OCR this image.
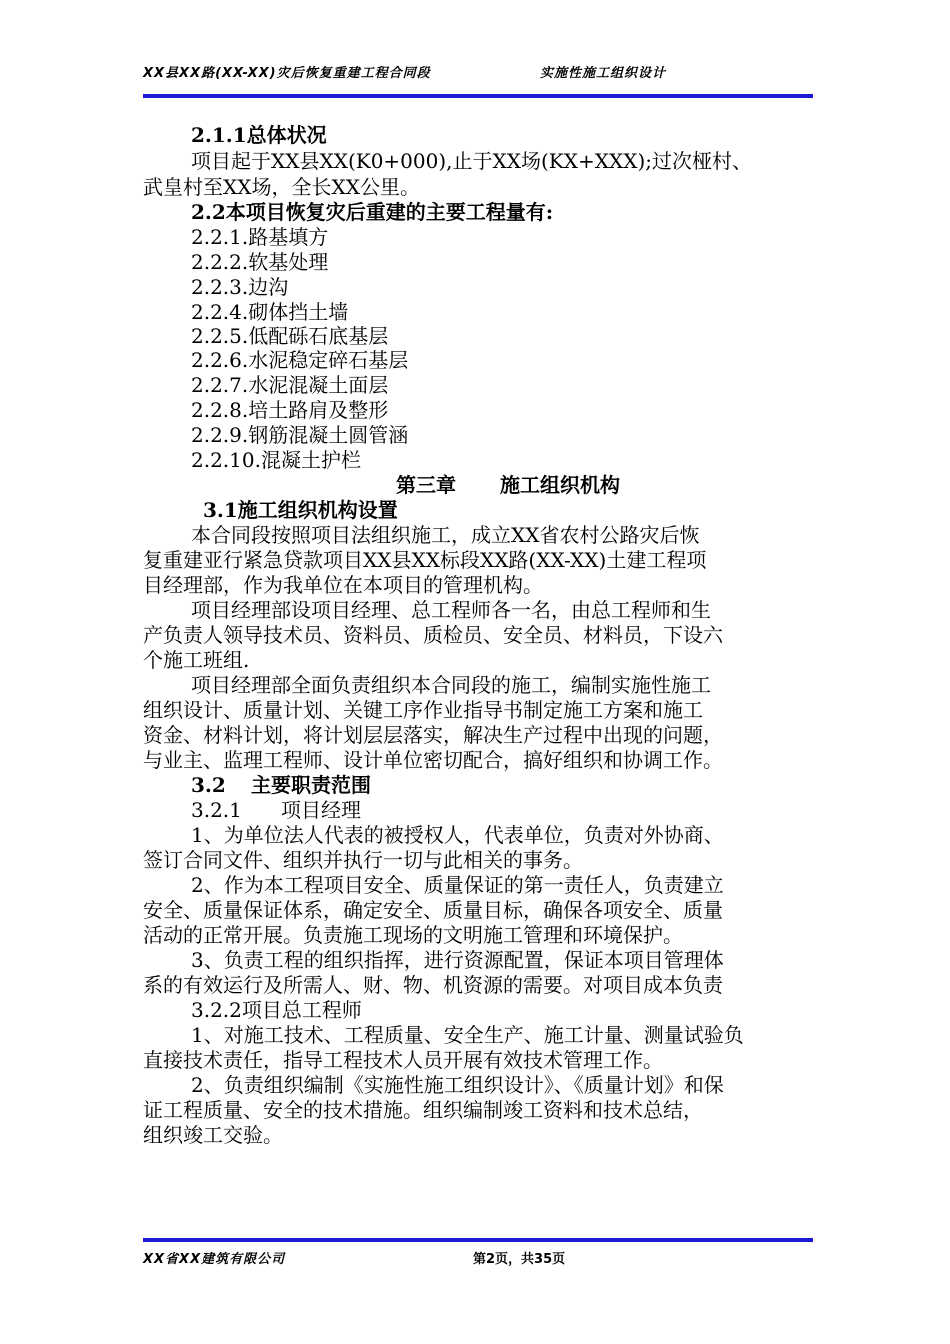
XX县XX路(XX-XX)灾后恢复重建工程合同段	实施性施工组织设计
2.1.1总体状况
项目起于XX县XX(K0+000),止于XX场(KX+XXX);过次桠村、
武皇村至XX场，全长XX公里。
2.2本项目恢复灾后重建的主要工程量有:
2.2.1.路基填方
2.2.2.软基处理
2.2.3.边沟
2.2.4.砌体挡土墙
2.2.5.低配砾石底基层
2.2.6.水泥稳定碎石基层
2.2.7.水泥混凝土面层
2.2.8.培土路肩及整形
2.2.9.钢筋混凝土圆管涵
2.2.10.混凝土护栏
第三章 施工组织机构
3.1施工组织机构设置
本合同段按照项目法组织施工，成立XX省农村公路灾后恢
复重建亚行紧急贷款项目XX县XX标段XX路(XX-XX)土建工程项
目经理部，作为我单位在本项目的管理机构。
项目经理部设项目经理、总工程师各一名，由总工程师和生
产负责人领导技术员、资料员、质检员、安全员、材料员，下设六
个施工班组.
项目经理部全面负责组织本合同段的施工，编制实施性施工
组织设计、质量计划、关键工序作业指导书制定施工方案和施工
资金、材料计划，将计划层层落实，解决生产过程中出现的问题，
与业主、监理工程师、设计单位密切配合，搞好组织和协调工作。
3.2 主要职责范围
3.2.1 项目经理
1、为单位法人代表的被授权人，代表单位，负责对外协商、
签订合同文件、组织并执行一切与此相关的事务。
2、作为本工程项目安全、质量保证的第一责任人，负责建立
安全、质量保证体系，确定安全、质量目标，确保各项安全、质量
活动的正常开展。负责施工现场的文明施工管理和环境保护。
3、负责工程的组织指挥，进行资源配置，保证本项目管理体
系的有效运行及所需人、财、物、机资源的需要。对项目成本负责
3.2.2项目总工程师
1、对施工技术、工程质量、安全生产、施工计量、测量试验负
直接技术责任，指导工程技术人员开展有效技术管理工作。
2、负责组织编制《实施性施工组织设计》、《质量计划》和保
证工程质量、安全的技术措施。组织编制竣工资料和技术总结，
组织竣工交验。
XX省XX建筑有限公司	第2页，共35页
